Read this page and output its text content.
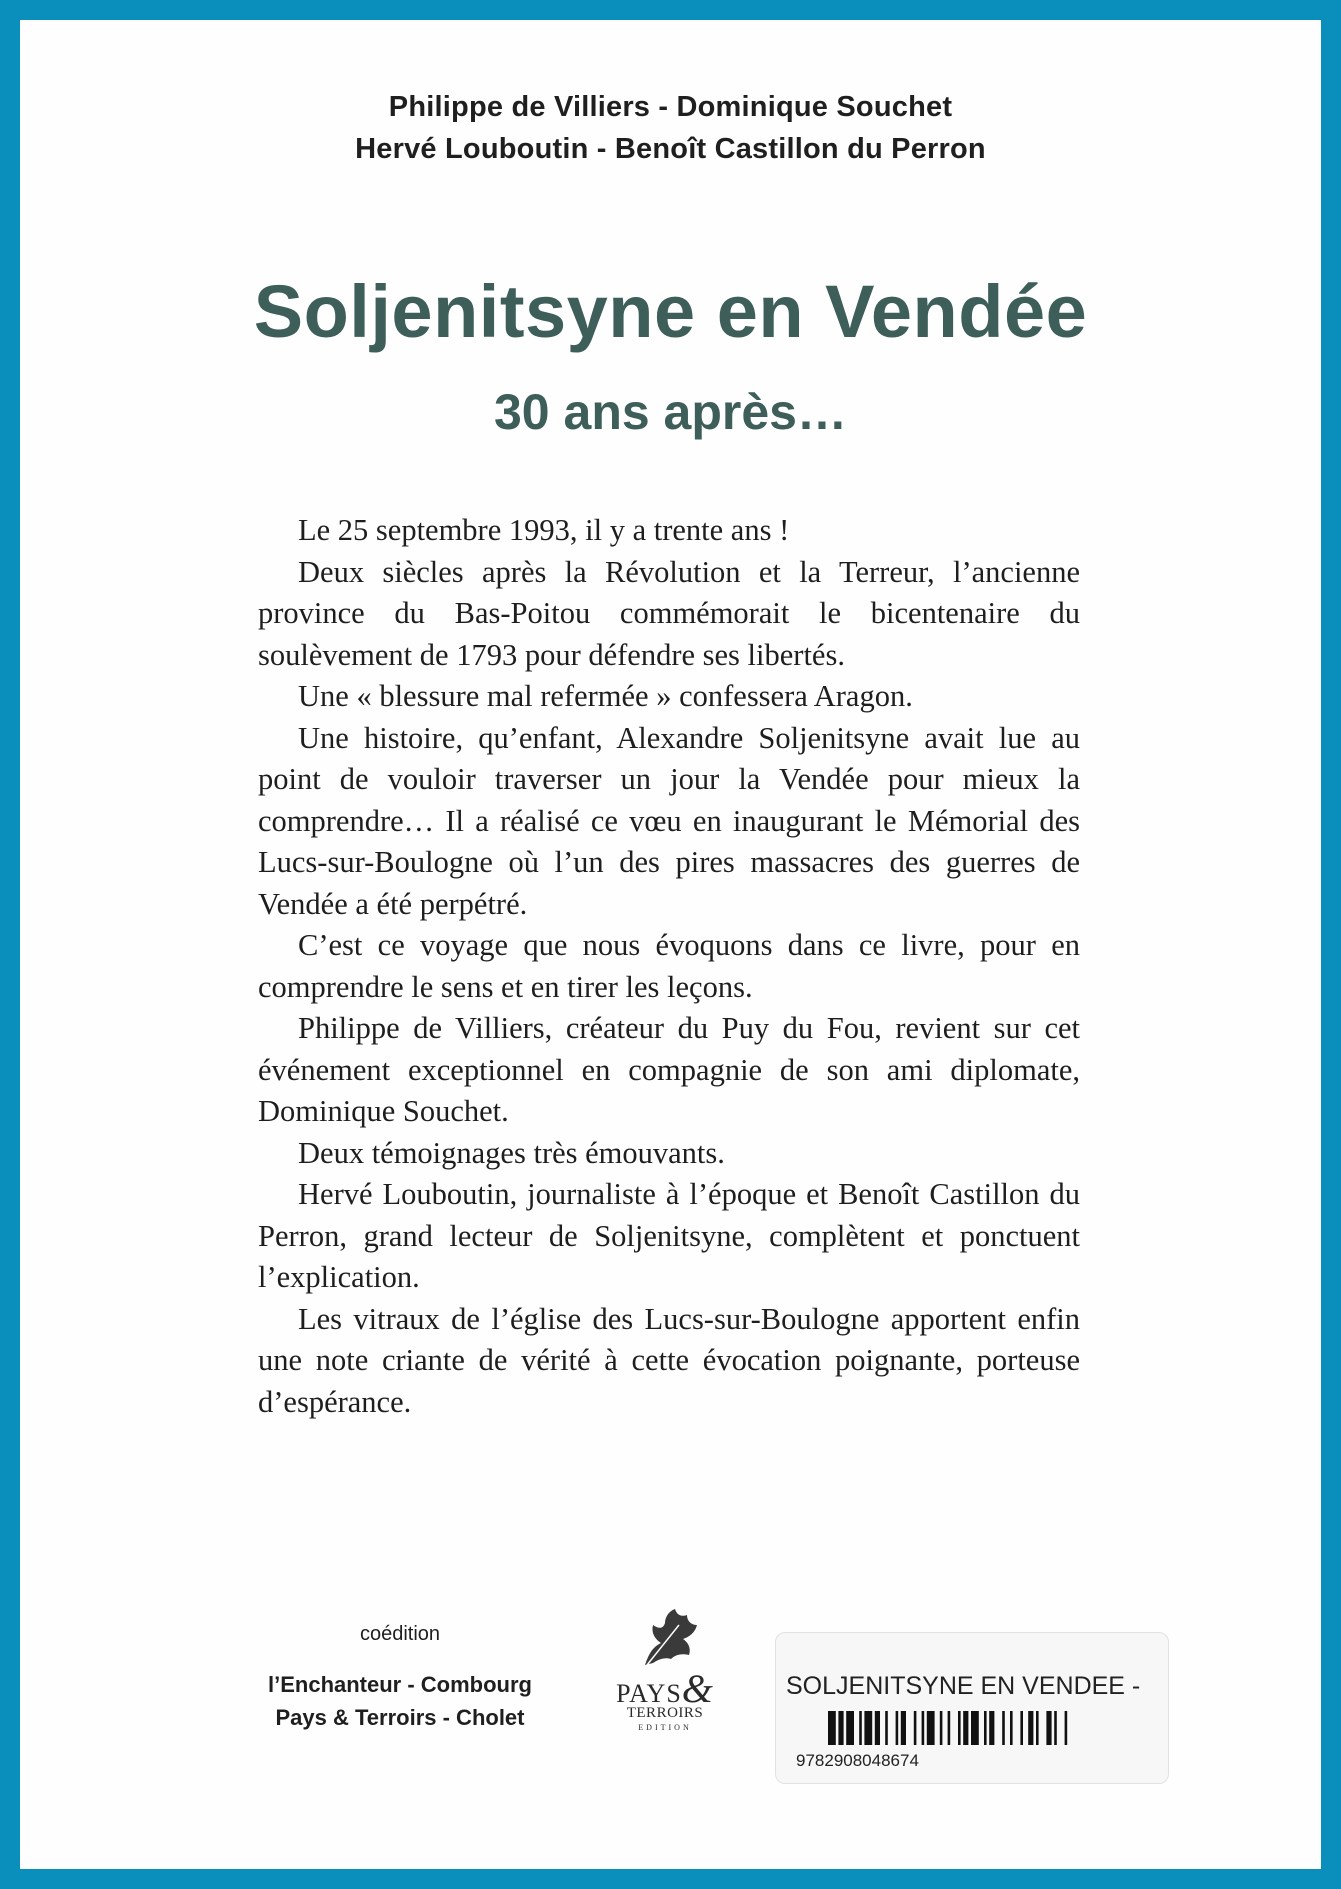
Philippe de Villiers - Dominique Souchet
Hervé Louboutin - Benoît Castillon du Perron
Soljenitsyne en Vendée
30 ans après…

Le 25 septembre 1993, il y a trente ans !

Deux siècles après la Révolution et la Terreur, l’ancienne province du Bas-Poitou commémorait le bicentenaire du soulèvement de 1793 pour défendre ses libertés.

Une « blessure mal refermée » confessera Aragon.

Une histoire, qu’enfant, Alexandre Soljenitsyne avait lue au point de vouloir traverser un jour la Vendée pour mieux la comprendre… Il a réalisé ce vœu en inaugurant le Mémorial des Lucs-sur-Boulogne où l’un des pires massacres des guerres de Vendée a été perpétré.

C’est ce voyage que nous évoquons dans ce livre, pour en comprendre le sens et en tirer les leçons.

Philippe de Villiers, créateur du Puy du Fou, revient sur cet événement exceptionnel en compagnie de son ami diplomate, Dominique Souchet.

Deux témoignages très émouvants.

Hervé Louboutin, journaliste à l’époque et Benoît Castillon du Perron, grand lecteur de Soljenitsyne, complètent et ponctuent l’explication.

Les vitraux de l’église des Lucs-sur-Boulogne apportent enfin une note criante de vérité à cette évocation poignante, porteuse d’espérance.

coédition
l’Enchanteur - Combourg
Pays & Terroirs - Cholet
PAYS&
TERROIRS
EDITION
SOLJENITSYNE EN VENDEE -
9782908048674
